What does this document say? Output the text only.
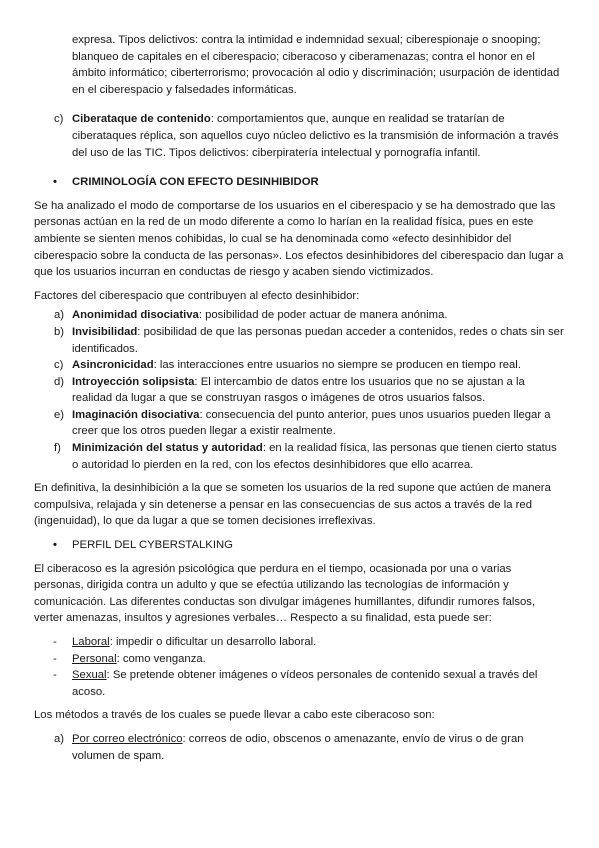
expresa. Tipos delictivos: contra la intimidad e indemnidad sexual; ciberespionaje o snooping; blanqueo de capitales en el ciberespacio; ciberacoso y ciberamenazas; contra el honor en el ámbito informático; ciberterrorismo; provocación al odio y discriminación; usurpación de identidad en el ciberespacio y falsedades informáticas.

c) Ciberataque de contenido: comportamientos que, aunque en realidad se tratarían de ciberataques réplica, son aquellos cuyo núcleo delictivo es la transmisión de información a través del uso de las TIC. Tipos delictivos: ciberpiratería intelectual y pornografía infantil.
• CRIMINOLOGÍA CON EFECTO DESINHIBIDOR

Se ha analizado el modo de comportarse de los usuarios en el ciberespacio y se ha demostrado que las personas actúan en la red de un modo diferente a como lo harían en la realidad física, pues en este ambiente se sienten menos cohibidas, lo cual se ha denominada como «efecto desinhibidor del ciberespacio sobre la conducta de las personas». Los efectos desinhibidores del ciberespacio dan lugar a que los usuarios incurran en conductas de riesgo y acaben siendo victimizados.

Factores del ciberespacio que contribuyen al efecto desinhibidor:

a) Anonimidad disociativa: posibilidad de poder actuar de manera anónima.
b) Invisibilidad: posibilidad de que las personas puedan acceder a contenidos, redes o chats sin ser identificados.
c) Asincronicidad: las interacciones entre usuarios no siempre se producen en tiempo real.
d) Introyección solipsista: El intercambio de datos entre los usuarios que no se ajustan a la realidad da lugar a que se construyan rasgos o imágenes de otros usuarios falsos.
e) Imaginación disociativa: consecuencia del punto anterior, pues unos usuarios pueden llegar a creer que los otros pueden llegar a existir realmente.
f) Minimización del status y autoridad: en la realidad física, las personas que tienen cierto status o autoridad lo pierden en la red, con los efectos desinhibidores que ello acarrea.

En definitiva, la desinhibición a la que se someten los usuarios de la red supone que actúen de manera compulsiva, relajada y sin detenerse a pensar en las consecuencias de sus actos a través de la red (ingenuidad), lo que da lugar a que se tomen decisiones irreflexivas.

• PERFIL DEL CYBERSTALKING

El ciberacoso es la agresión psicológica que perdura en el tiempo, ocasionada por una o varias personas, dirigida contra un adulto y que se efectúa utilizando las tecnologías de información y comunicación. Las diferentes conductas son divulgar imágenes humillantes, difundir rumores falsos, verter amenazas, insultos y agresiones verbales… Respecto a su finalidad, esta puede ser:

- Laboral: impedir o dificultar un desarrollo laboral.
- Personal: como venganza.
- Sexual: Se pretende obtener imágenes o vídeos personales de contenido sexual a través del acoso.

Los métodos a través de los cuales se puede llevar a cabo este ciberacoso son:

a) Por correo electrónico: correos de odio, obscenos o amenazante, envío de virus o de gran volumen de spam.
